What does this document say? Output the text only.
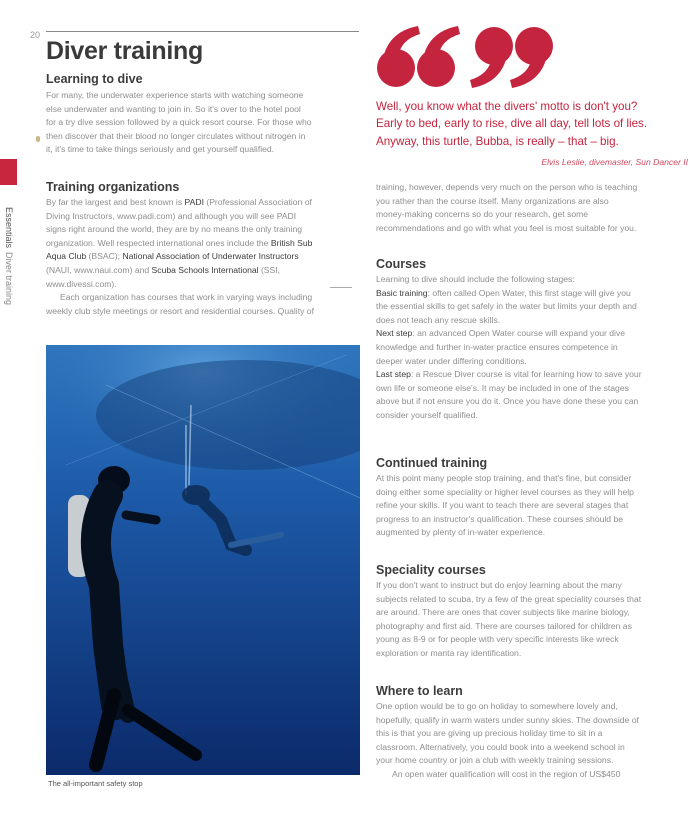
20
Diver training
EssentialsDiver training
Learning to dive

For many, the underwater experience starts with watching someone

else underwater and wanting to join in. So it's over to the hotel pool

for a try dive session followed by a quick resort course. For those who

then discover that their blood no longer circulates without nitrogen in

it, it's time to take things seriously and get yourself qualified.

Training organizations

By far the largest and best known is PADI (Professional Association of

Diving Instructors, www.padi.com) and although you will see PADI

signs right around the world, they are by no means the only training

organization. Well respected international ones include the British Sub

Aqua Club (BSAC); National Association of Underwater Instructors

(NAUI, www.naui.com) and Scuba Schools International (SSI,

www.divessi.com).

Each organization has courses that work in varying ways including

weekly club style meetings or resort and residential courses. Quality of

The all-important safety stop

Well, you know what the divers' motto is don't you?
Early to bed, early to rise, dive all day, tell lots of lies.
Anyway, this turtle, Bubba, is really – that – big.

Elvis Leslie, divemaster, Sun Dancer II

training, however, depends very much on the person who is teaching

you rather than the course itself. Many organizations are also

money-making concerns so do your research, get some

recommendations and go with what you feel is most suitable for you.

Courses

Learning to dive should include the following stages:

Basic training: often called Open Water, this first stage will give you

the essential skills to get safely in the water but limits your depth and

does not teach any rescue skills.

Next step: an advanced Open Water course will expand your dive

knowledge and further in-water practice ensures competence in

deeper water under differing conditions.

Last step: a Rescue Diver course is vital for learning how to save your

own life or someone else's. It may be included in one of the stages

above but if not ensure you do it. Once you have done these you can

consider yourself qualified.

Continued training

At this point many people stop training, and that's fine, but consider

doing either some speciality or higher level courses as they will help

refine your skills. If you want to teach there are several stages that

progress to an instructor's qualification. These courses should be

augmented by plenty of in-water experience.

Speciality courses

If you don't want to instruct but do enjoy learning about the many

subjects related to scuba, try a few of the great speciality courses that

are around. There are ones that cover subjects like marine biology,

photography and first aid. There are courses tailored for children as

young as 8-9 or for people with very specific interests like wreck

exploration or manta ray identification.

Where to learn

One option would be to go on holiday to somewhere lovely and,

hopefully, qualify in warm waters under sunny skies. The downside of

this is that you are giving up precious holiday time to sit in a

classroom. Alternatively, you could book into a weekend school in

your home country or join a club with weekly training sessions.

An open water qualification will cost in the region of US$450
